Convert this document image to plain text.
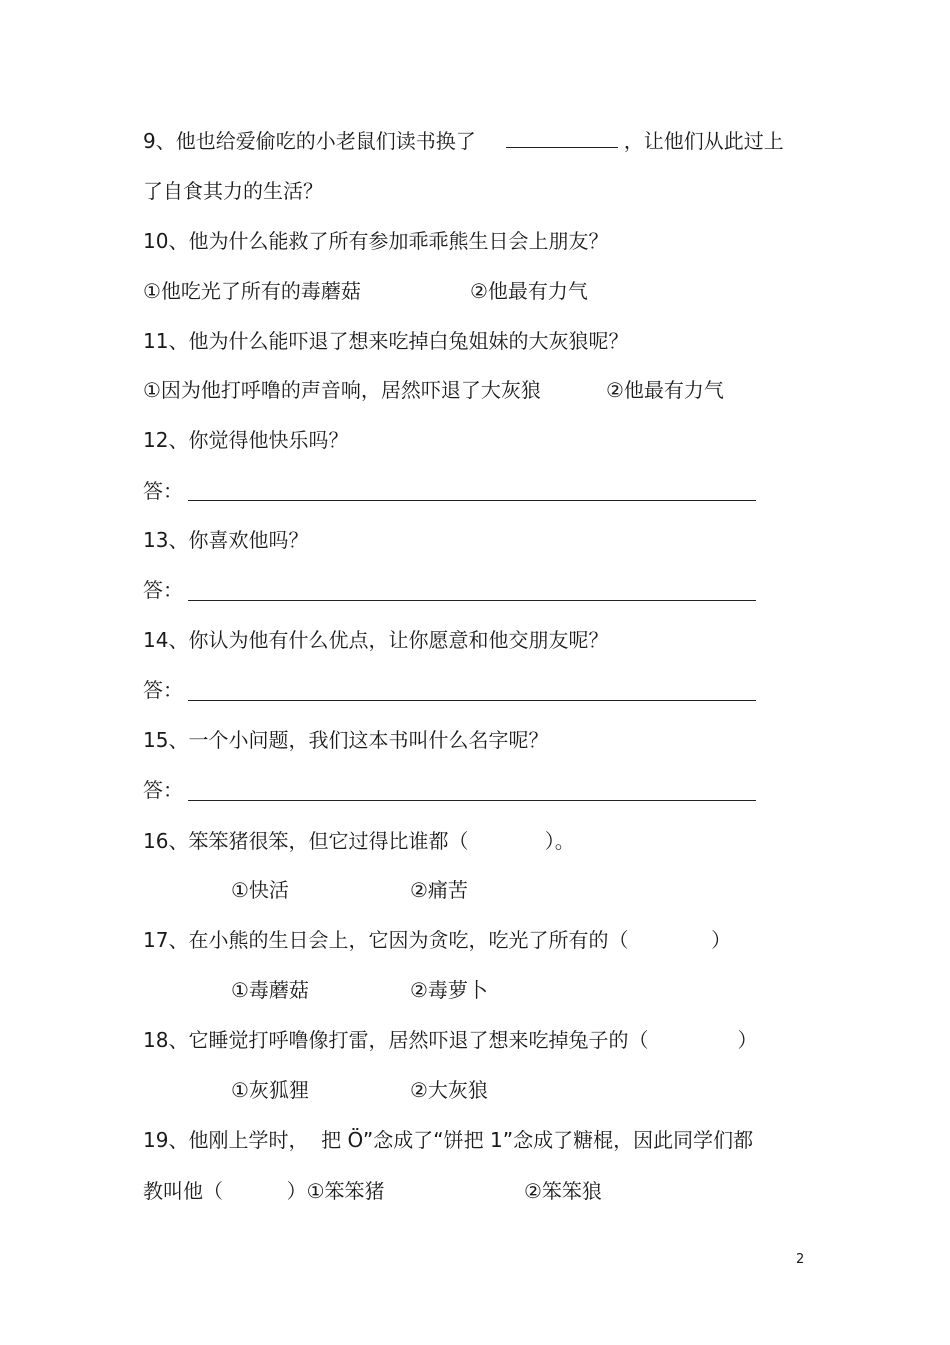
9、他也给爱偷吃的小老鼠们读书换了	，让他们从此过上
了自食其力的生活？
10、他为什么能救了所有参加乖乖熊生日会上朋友？
①他吃光了所有的毒蘑菇	②他最有力气
11、他为什么能吓退了想来吃掉白兔姐妹的大灰狼呢？
①因为他打呼噜的声音响，居然吓退了大灰狼	②他最有力气
12、你觉得他快乐吗？
答：
13、你喜欢他吗？
答：
14、你认为他有什么优点，让你愿意和他交朋友呢？
答：
15、一个小问题，我们这本书叫什么名字呢？
答：
16、笨笨猪很笨，但它过得比谁都（            ）。
①快活	②痛苦
17、在小熊的生日会上，它因为贪吃，吃光了所有的（             ）
①毒蘑菇	②毒萝卜
18、它睡觉打呼噜像打雷，居然吓退了想来吃掉兔子的（              ）
①灰狐狸	②大灰狼
19、他刚上学时，  把 Ö”念成了“饼把 1”念成了糖棍，因此同学们都
教叫他（          ）①笨笨猪	②笨笨狼
2
